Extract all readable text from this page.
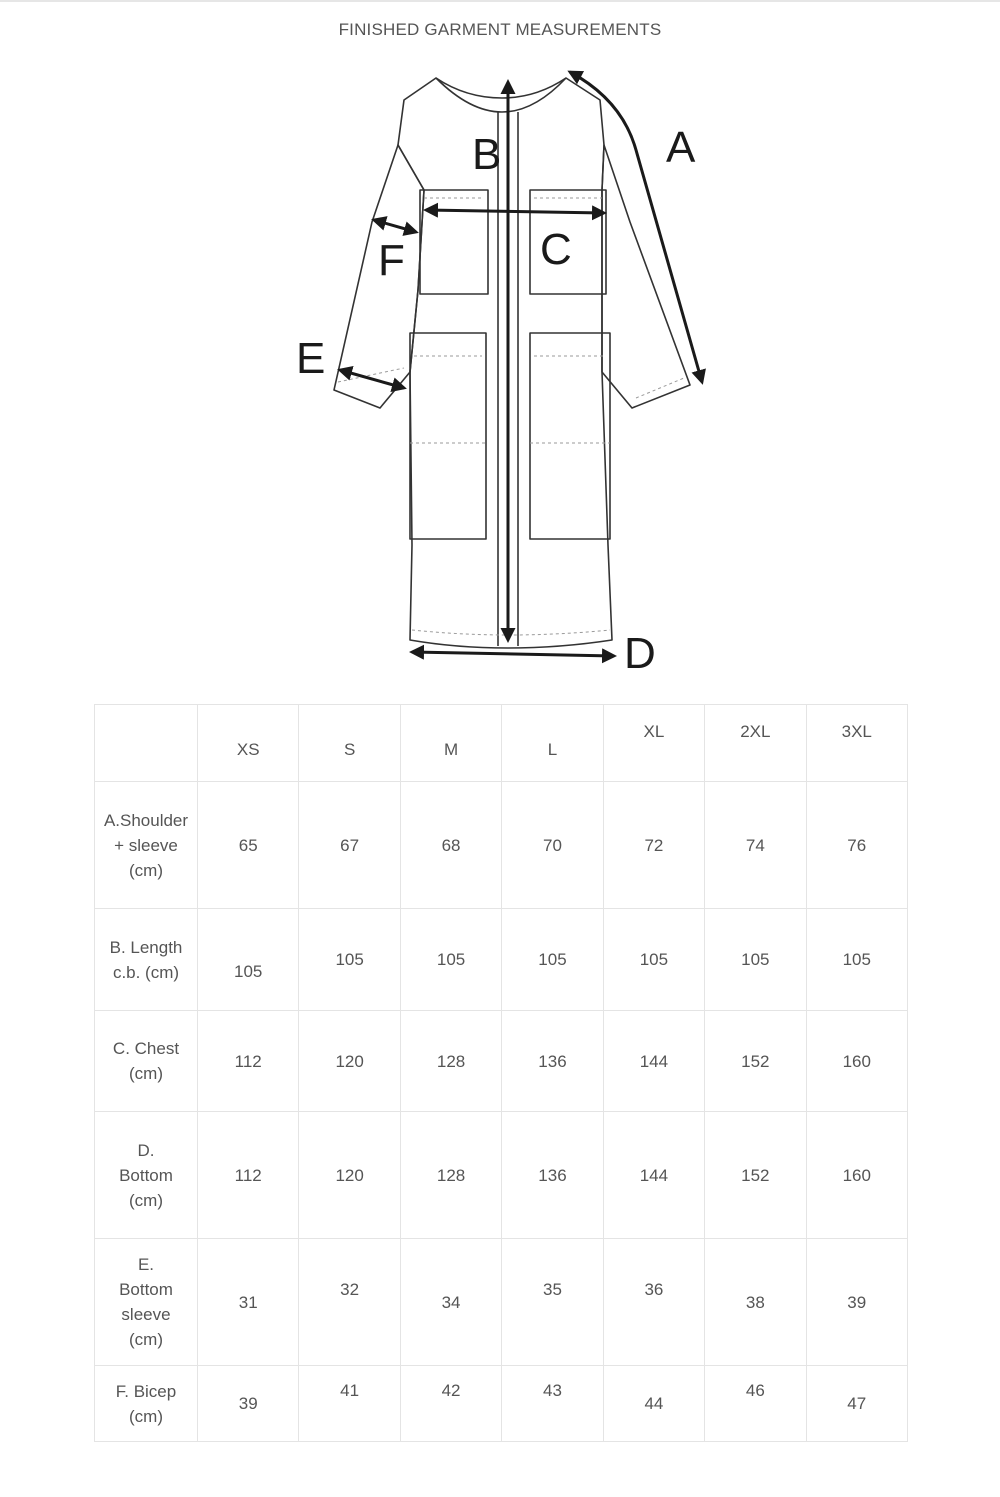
FINISHED GARMENT MEASUREMENTS
A
B
C
D
E
F
	XS	S	M	L	XL	2XL	3XL
A.Shoulder
+ sleeve
(cm)	65	67	68	70	72	74	76
B. Length
c.b. (cm)	105	105	105	105	105	105	105
C. Chest
(cm)	112	120	128	136	144	152	160
D.
Bottom
(cm)	112	120	128	136	144	152	160
E.
Bottom
sleeve
(cm)	31	32	34	35	36	38	39
F. Bicep
(cm)	39	41	42	43	44	46	47
